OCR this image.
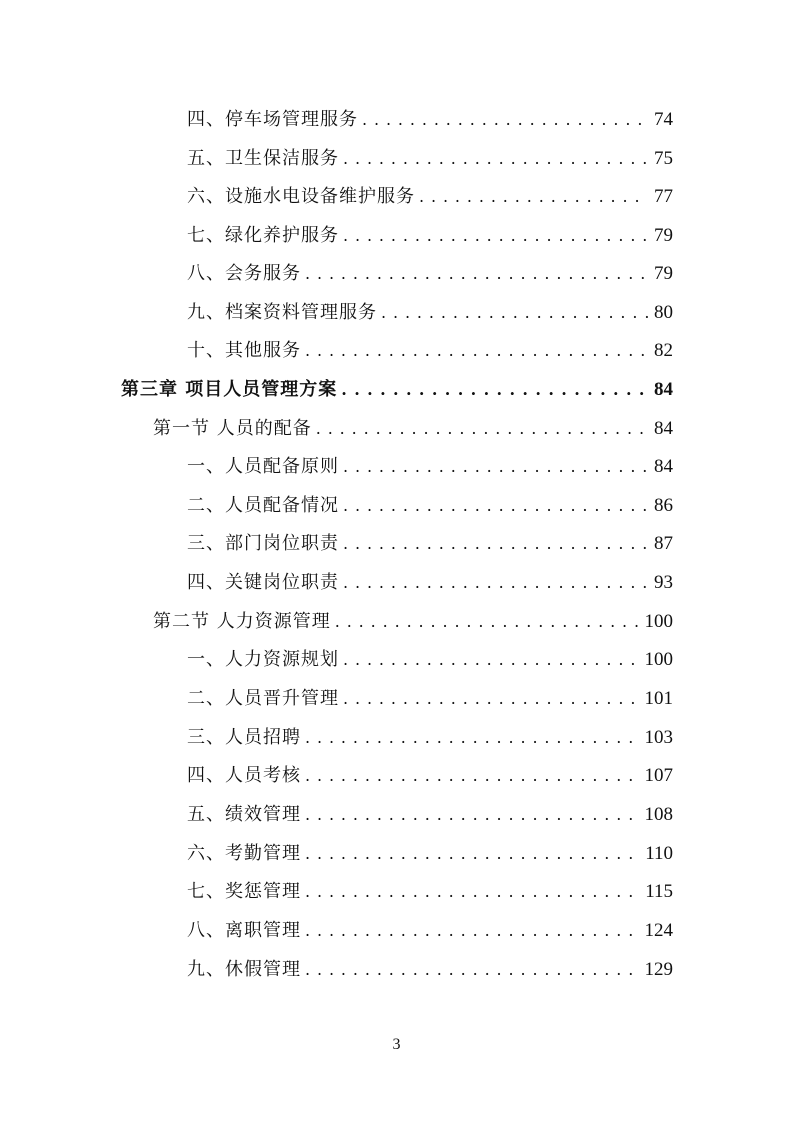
四、停车场管理服务 . . .	74
五、卫生保洁服务 . . .	75
六、设施水电设备维护服务 . . .	77
七、绿化养护服务 . . .	79
八、会务服务 . . .	79
九、档案资料管理服务 . . .	80
十、其他服务 . . .	82
第三章 项目人员管理方案 . . .	84
第一节 人员的配备 . . .	84
一、人员配备原则 . . .	84
二、人员配备情况 . . .	86
三、部门岗位职责 . . .	87
四、关键岗位职责 . . .	93
第二节 人力资源管理 . . .	100
一、人力资源规划 . . .	100
二、人员晋升管理 . . .	101
三、人员招聘 . . .	103
四、人员考核 . . .	107
五、绩效管理 . . .	108
六、考勤管理 . . .	110
七、奖惩管理 . . .	115
八、离职管理 . . .	124
九、休假管理 . . .	129
3
